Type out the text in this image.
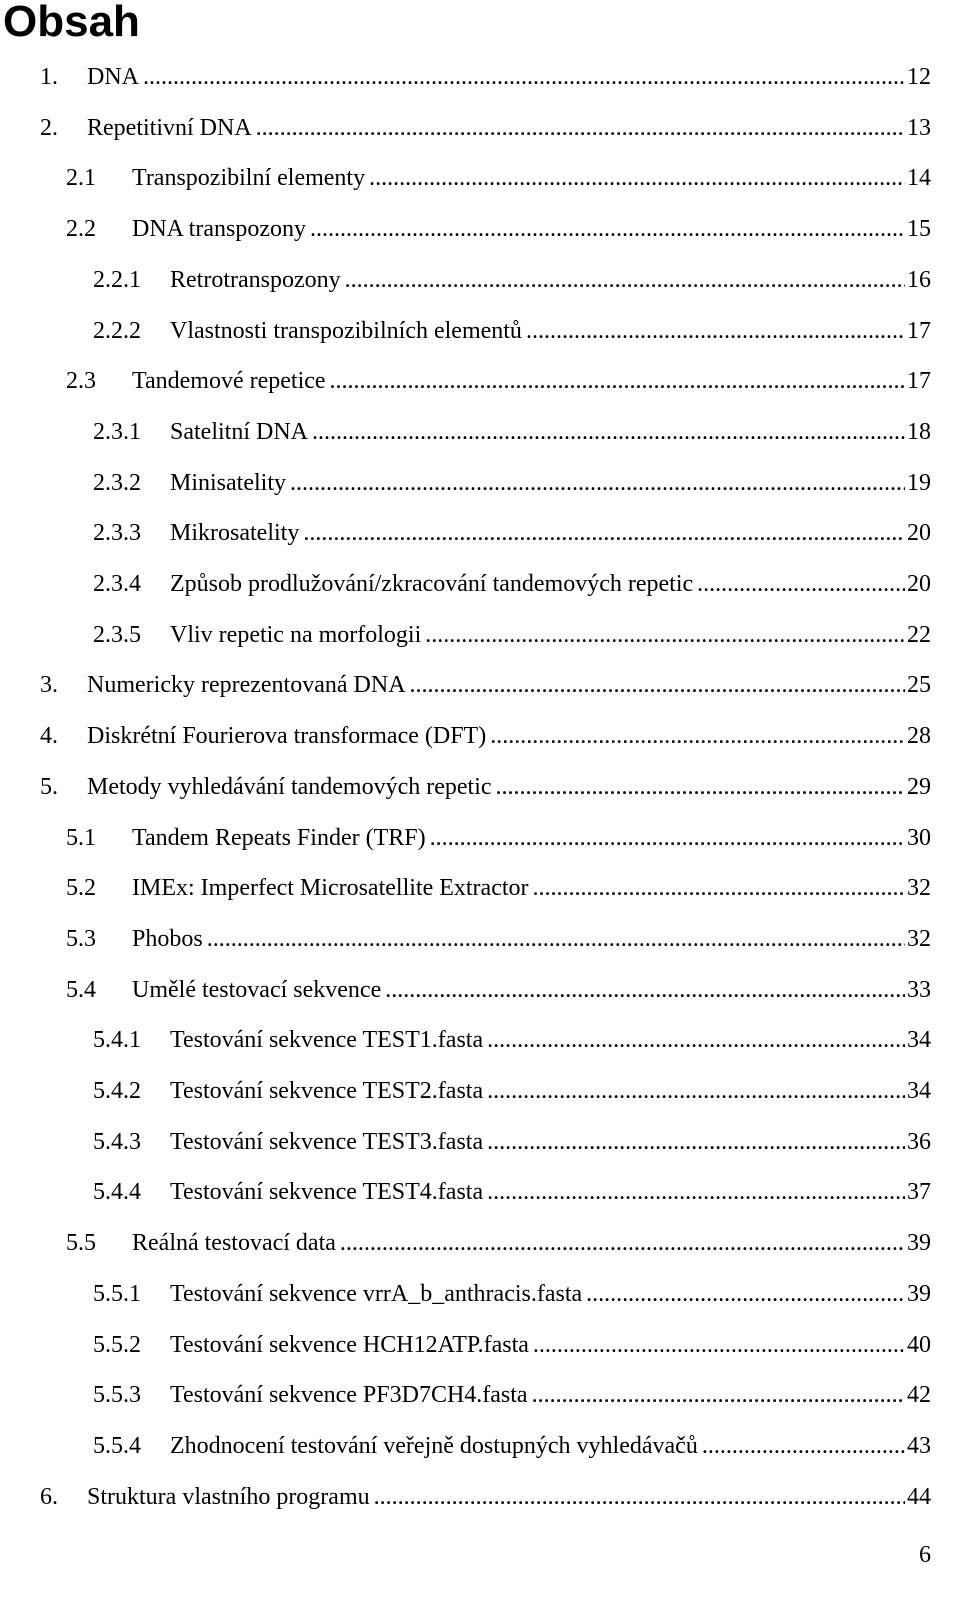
Obsah
1. DNA .....	12
2. Repetitivní DNA .....	13
2.1 Transpozibilní elementy .....	14
2.2 DNA transpozony .....	15
2.2.1 Retrotranspozony .....	16
2.2.2 Vlastnosti transpozibilních elementů .....	17
2.3 Tandemové repetice .....	17
2.3.1 Satelitní DNA .....	18
2.3.2 Minisatelity .....	19
2.3.3 Mikrosatelity .....	20
2.3.4 Způsob prodlužování/zkracování tandemových repetic .....	20
2.3.5 Vliv repetic na morfologii .....	22
3. Numericky reprezentovaná DNA .....	25
4. Diskrétní Fourierova transformace (DFT) .....	28
5. Metody vyhledávání tandemových repetic .....	29
5.1 Tandem Repeats Finder (TRF) .....	30
5.2 IMEx: Imperfect Microsatellite Extractor .....	32
5.3 Phobos .....	32
5.4 Umělé testovací sekvence .....	33
5.4.1 Testování sekvence TEST1.fasta .....	34
5.4.2 Testování sekvence TEST2.fasta .....	34
5.4.3 Testování sekvence TEST3.fasta .....	36
5.4.4 Testování sekvence TEST4.fasta .....	37
5.5 Reálná testovací data .....	39
5.5.1 Testování sekvence vrrA_b_anthracis.fasta .....	39
5.5.2 Testování sekvence HCH12ATP.fasta .....	40
5.5.3 Testování sekvence PF3D7CH4.fasta .....	42
5.5.4 Zhodnocení testování veřejně dostupných vyhledávačů .....	43
6. Struktura vlastního programu .....	44
6
